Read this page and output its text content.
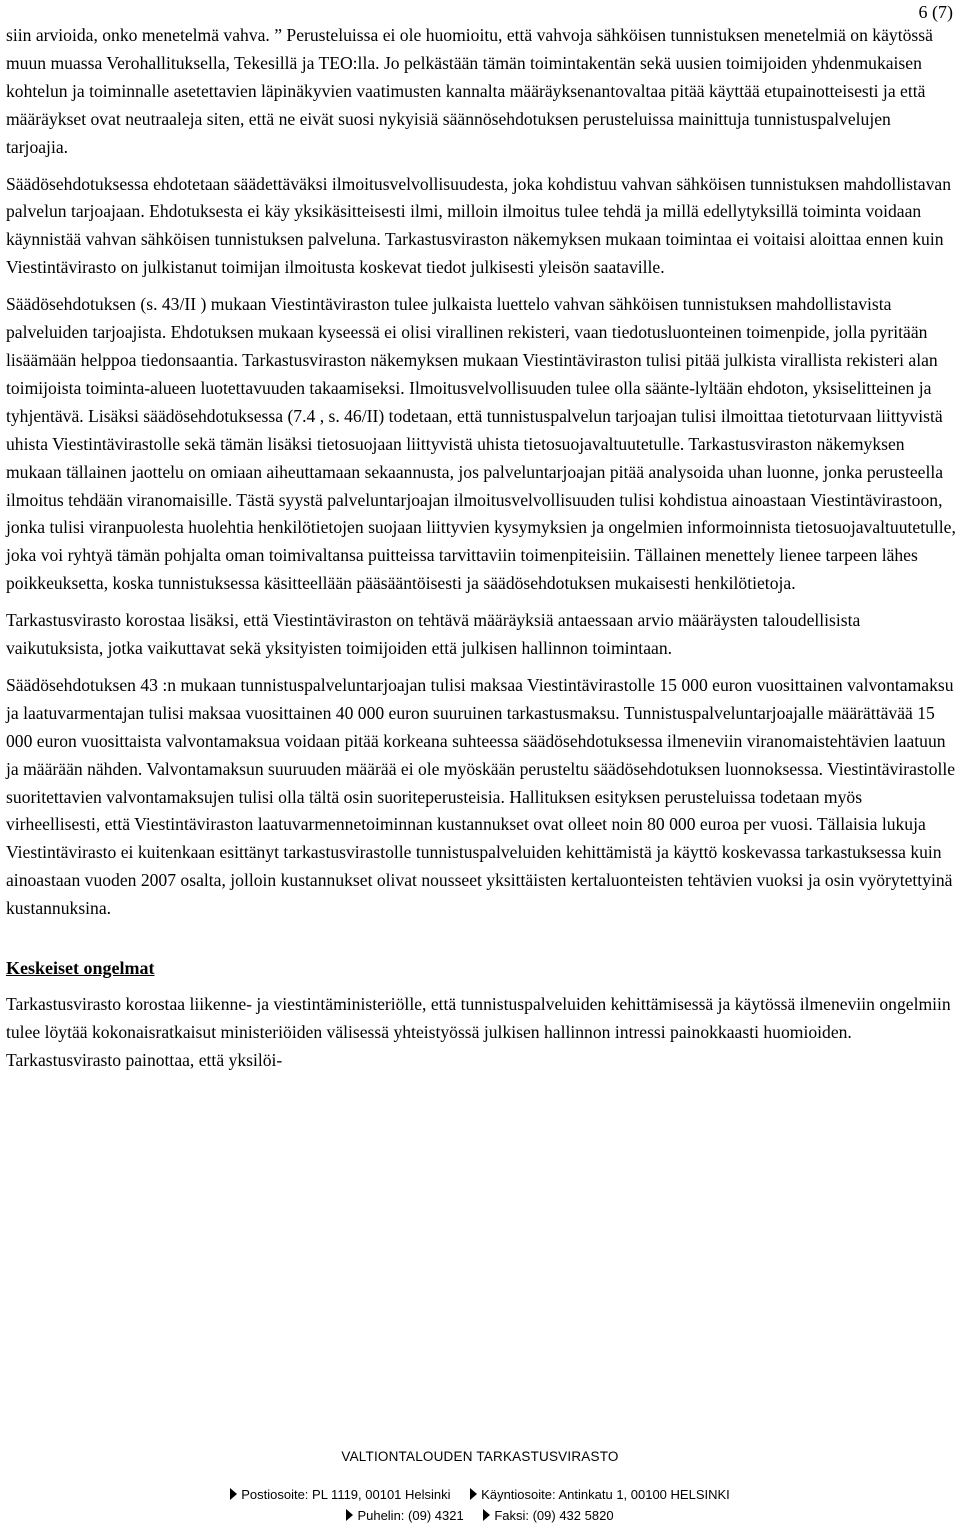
6 (7)

siin arvioida, onko menetelmä vahva. ” Perusteluissa ei ole huomioitu, että vahvoja sähköisen tunnistuksen menetelmiä on käytössä muun muassa Verohallituksella, Tekesillä ja TEO:lla. Jo pelkästään tämän toimintakentän sekä uusien toimijoiden yhdenmukaisen kohtelun ja toiminnalle asetettavien läpinäkyvien vaatimusten kannalta määräyksenantovaltaa pitää käyttää etupainotteisesti ja että määräykset ovat neutraaleja siten, että ne eivät suosi nykyisiä säännösehdotuksen perusteluissa mainittuja tunnistuspalvelujen tarjoajia.

Säädösehdotuksessa ehdotetaan säädettäväksi ilmoitusvelvollisuudesta, joka kohdistuu vahvan sähköisen tunnistuksen mahdollistavan palvelun tarjoajaan. Ehdotuksesta ei käy yksikäsitteisesti ilmi, milloin ilmoitus tulee tehdä ja millä edellytyksillä toiminta voidaan käynnistää vahvan sähköisen tunnistuksen palveluna. Tarkastusviraston näkemyksen mukaan toimintaa ei voitaisi aloittaa ennen kuin Viestintävirasto on julkistanut toimijan ilmoitusta koskevat tiedot julkisesti yleisön saataville.

Säädösehdotuksen (s. 43/II ) mukaan Viestintäviraston tulee julkaista luettelo vahvan sähköisen tunnistuksen mahdollistavista palveluiden tarjoajista. Ehdotuksen mukaan kyseessä ei olisi virallinen rekisteri, vaan tiedotusluonteinen toimenpide, jolla pyritään lisäämään helppoa tiedonsaantia. Tarkastusviraston näkemyksen mukaan Viestintäviraston tulisi pitää julkista virallista rekisteri alan toimijoista toiminta-alueen luotettavuuden takaamiseksi. Ilmoitusvelvollisuuden tulee olla säänte-lyltään ehdoton, yksiselitteinen ja tyhjentävä. Lisäksi säädösehdotuksessa (7.4 , s. 46/II) todetaan, että tunnistuspalvelun tarjoajan tulisi ilmoittaa tietoturvaan liittyvistä uhista Viestintävirastolle sekä tämän lisäksi tietosuojaan liittyvistä uhista tietosuojavaltuutetulle. Tarkastusviraston näkemyksen mukaan tällainen jaottelu on omiaan aiheuttamaan sekaannusta, jos palveluntarjoajan pitää analysoida uhan luonne, jonka perusteella ilmoitus tehdään viranomaisille. Tästä syystä palveluntarjoajan ilmoitusvelvollisuuden tulisi kohdistua ainoastaan Viestintävirastoon, jonka tulisi viranpuolesta huolehtia henkilötietojen suojaan liittyvien kysymyksien ja ongelmien informoinnista tietosuojavaltuutetulle, joka voi ryhtyä tämän pohjalta oman toimivaltansa puitteissa tarvittaviin toimenpiteisiin. Tällainen menettely lienee tarpeen lähes poikkeuksetta, koska tunnistuksessa käsitteellään pääsääntöisesti ja säädösehdotuksen mukaisesti henkilötietoja.

Tarkastusvirasto korostaa lisäksi, että Viestintäviraston on tehtävä määräyksiä antaessaan arvio määräysten taloudellisista vaikutuksista, jotka vaikuttavat sekä yksityisten toimijoiden että julkisen hallinnon toimintaan.

Säädösehdotuksen 43 :n mukaan tunnistuspalveluntarjoajan tulisi maksaa Viestintävirastolle 15 000 euron vuosittainen valvontamaksu ja laatuvarmentajan tulisi maksaa vuosittainen 40 000 euron suuruinen tarkastusmaksu. Tunnistuspalveluntarjoajalle määrättävää 15 000 euron vuosittaista valvontamaksua voidaan pitää korkeana suhteessa säädösehdotuksessa ilmeneviin viranomaistehtävien laatuun ja määrään nähden. Valvontamaksun suuruuden määrää ei ole myöskään perusteltu säädösehdotuksen luonnoksessa. Viestintävirastolle suoritettavien valvontamaksujen tulisi olla tältä osin suoriteperusteisia. Hallituksen esityksen perusteluissa todetaan myös virheellisesti, että Viestintäviraston laatuvarmennetoiminnan kustannukset ovat olleet noin 80 000 euroa per vuosi. Tällaisia lukuja Viestintävirasto ei kuitenkaan esittänyt tarkastusvirastolle tunnistuspalveluiden kehittämistä ja käyttö koskevassa tarkastuksessa kuin ainoastaan vuoden 2007 osalta, jolloin kustannukset olivat nousseet yksittäisten kertaluonteisten tehtävien vuoksi ja osin vyörytettyinä kustannuksina.

Keskeiset ongelmat

Tarkastusvirasto korostaa liikenne- ja viestintäministeriölle, että tunnistuspalveluiden kehittämisessä ja käytössä ilmeneviin ongelmiin tulee löytää kokonaisratkaisut ministeriöiden välisessä yhteistyössä julkisen hallinnon intressi painokkaasti huomioiden. Tarkastusvirasto painottaa, että yksilöi-

VALTIONTALOUDEN TARKASTUSVIRASTO
Postiosoite: PL 1119, 00101 Helsinki Käyntiosoite: Antinkatu 1, 00100 HELSINKI
Puhelin: (09) 4321 Faksi: (09) 432 5820
